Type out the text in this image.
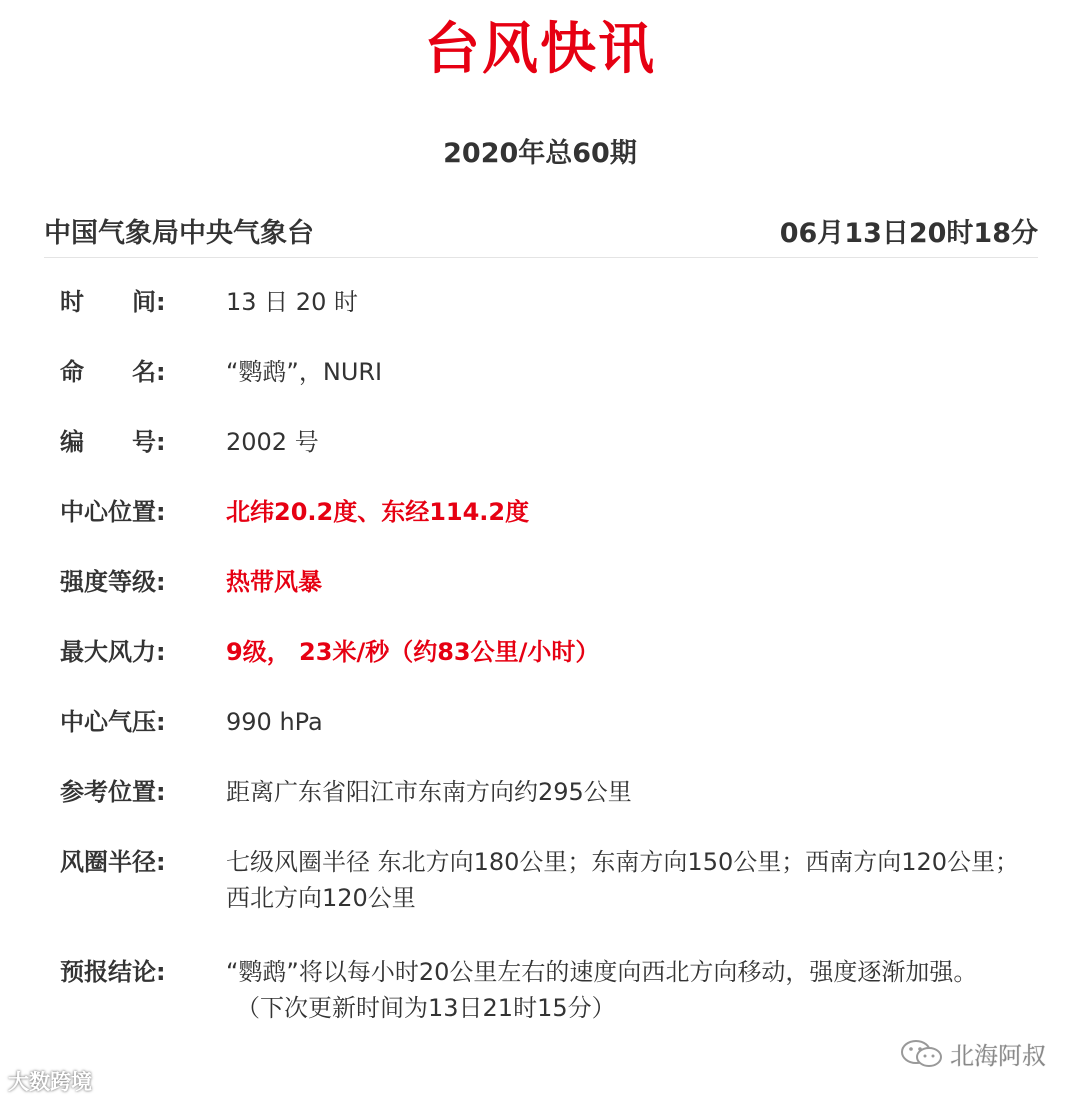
台风快讯
2020年总60期
中国气象局中央气象台	06月13日20时18分
时 间:	13 日 20 时
命 名:	“鹦鹉”，NURI
编 号:	2002 号
中心位置:	北纬20.2度、东经114.2度
强度等级:	热带风暴
最大风力:	9级， 23米/秒（约83公里/小时）
中心气压:	990 hPa
参考位置:	距离广东省阳江市东南方向约295公里
风圈半径:	七级风圈半径 东北方向180公里；东南方向150公里；西南方向120公里；西北方向120公里
预报结论:	“鹦鹉”将以每小时20公里左右的速度向西北方向移动，强度逐渐加强。
（下次更新时间为13日21时15分）
大数跨境
北海阿叔
